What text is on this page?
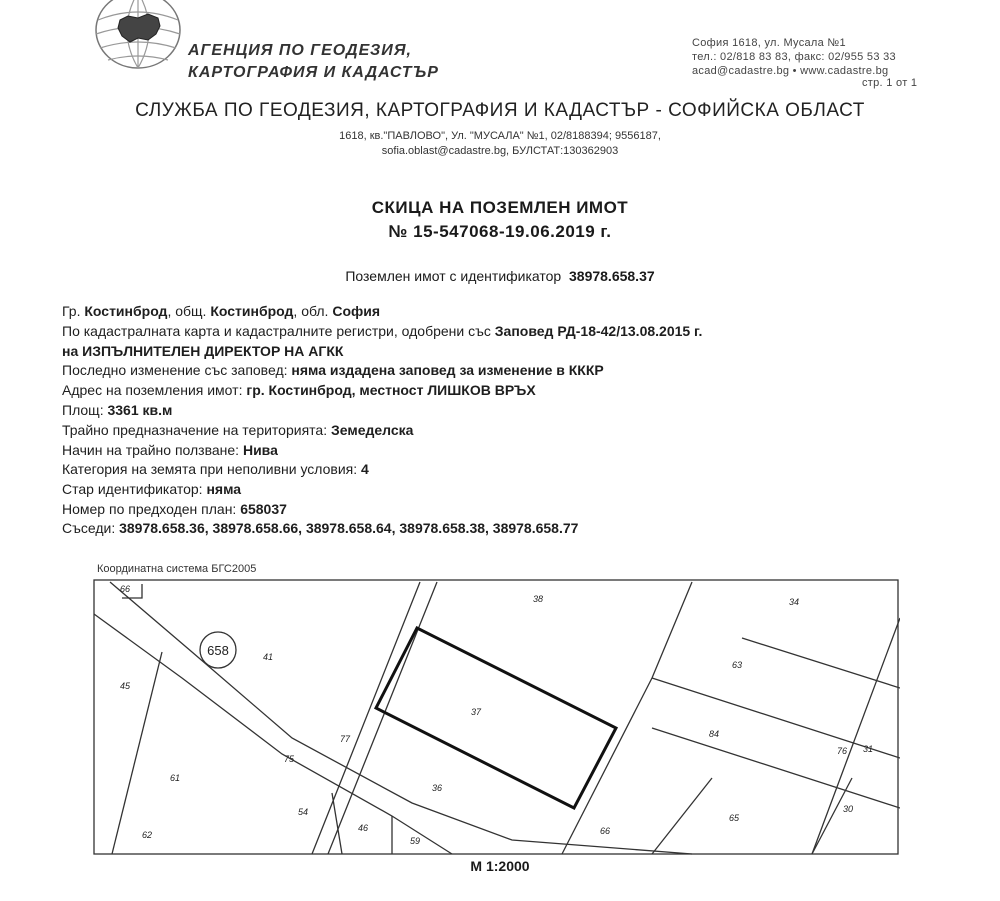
АГЕНЦИЯ ПО ГЕОДЕЗИЯ,
КАРТОГРАФИЯ И КАДАСТЪР
София 1618, ул. Мусала №1
тел.: 02/818 83 83, факс: 02/955 53 33
acad@cadastre.bg • www.cadastre.bg
стр. 1 от 1
СЛУЖБА ПО ГЕОДЕЗИЯ, КАРТОГРАФИЯ И КАДАСТЪР - СОФИЙСКА ОБЛАСТ
1618, кв."ПАВЛОВО", Ул. "МУСАЛА" №1, 02/8188394; 9556187,
sofia.oblast@cadastre.bg, БУЛСТАТ:130362903
СКИЦА НА ПОЗЕМЛЕН ИМОТ
№ 15-547068-19.06.2019 г.
Поземлен имот с идентификатор 38978.658.37
Гр. Костинброд, общ. Костинброд, обл. София
По кадастралната карта и кадастралните регистри, одобрени със Заповед РД-18-42/13.08.2015 г.
на ИЗПЪЛНИТЕЛЕН ДИРЕКТОР НА АГКК
Последно изменение със заповед: няма издадена заповед за изменение в КККР
Адрес на поземления имот: гр. Костинброд, местност ЛИШКОВ ВРЪХ
Площ: 3361 кв.м
Трайно предназначение на територията: Земеделска
Начин на трайно ползване: Нива
Категория на земята при неполивни условия: 4
Стар идентификатор: няма
Номер по предходен план: 658037
Съседи: 38978.658.36, 38978.658.66, 38978.658.64, 38978.658.38, 38978.658.77
Координатна система БГС2005
658
66
38	34
41
45
63
37
77	84
76 31
75
61
36
54
46
30
65
62
59
66
M 1:2000
